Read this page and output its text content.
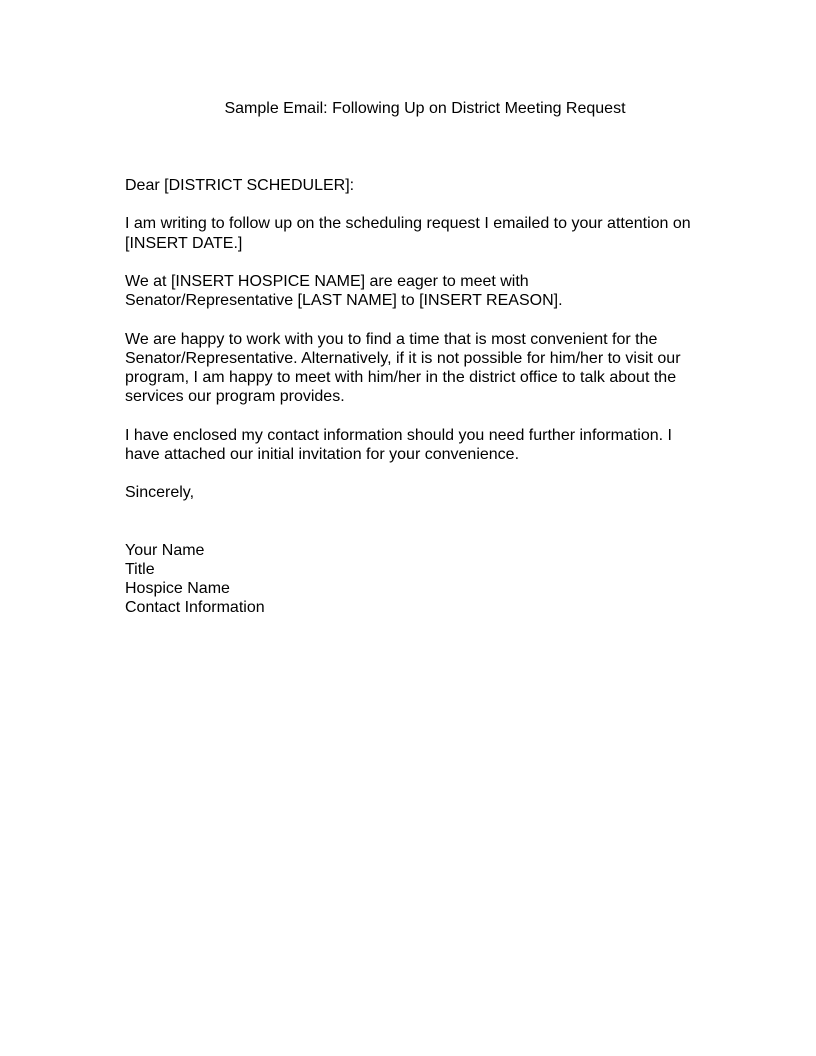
Sample Email: Following Up on District Meeting Request
Dear [DISTRICT SCHEDULER]:
I am writing to follow up on the scheduling request I emailed to your attention on
[INSERT DATE.]
We at [INSERT HOSPICE NAME] are eager to meet with
Senator/Representative [LAST NAME] to [INSERT REASON].
We are happy to work with you to find a time that is most convenient for the
Senator/Representative. Alternatively, if it is not possible for him/her to visit our
program, I am happy to meet with him/her in the district office to talk about the
services our program provides.
I have enclosed my contact information should you need further information. I
have attached our initial invitation for your convenience.
Sincerely,
Your Name
Title
Hospice Name
Contact Information
